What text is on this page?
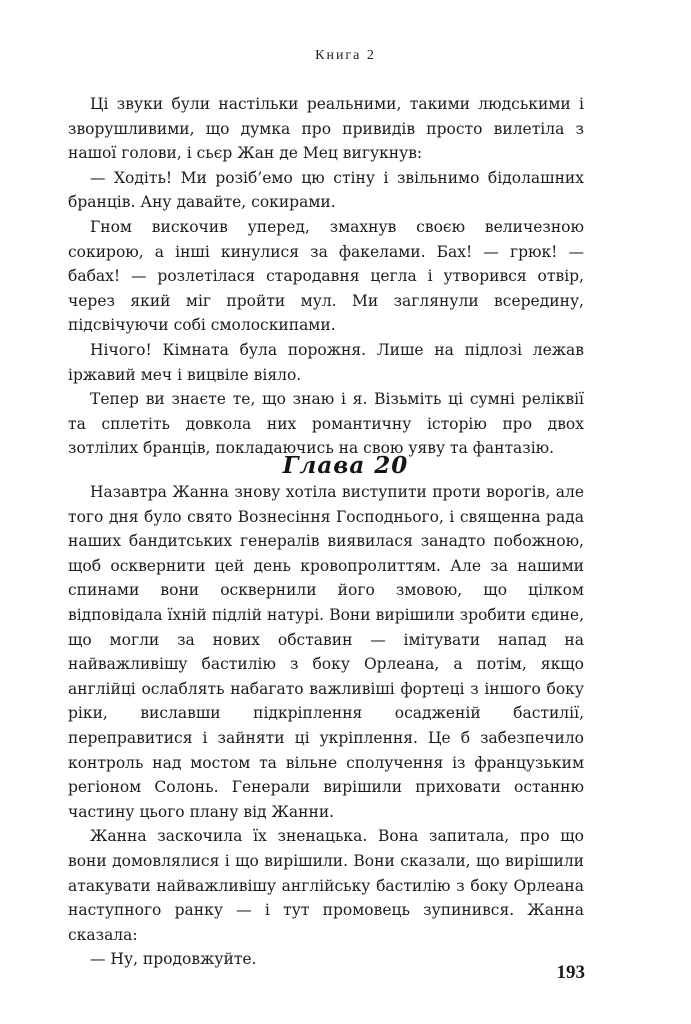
Книга 2

Ці звуки були настільки реальними, такими людськими і зворушливими, що думка про привидів просто вилетіла з нашої голови, і сьєр Жан де Мец вигукнув:

— Ходіть! Ми розіб’емо цю стіну і звільнимо бідолашних бранців. Ану давайте, сокирами.

Гном вискочив уперед, змахнув своєю величезною сокирою, а інші кинулися за факелами. Бах! — грюк! — бабах! — розлетілася стародавня цегла і утворився отвір, через який міг пройти мул. Ми заглянули всередину, підсвічуючи собі смолоскипами.

Нічого! Кімната була порожня. Лише на підлозі лежав іржавий меч і вицвіле віяло.

Тепер ви знаєте те, що знаю і я. Візьміть ці сумні реліквії та сплетіть довкола них романтичну історію про двох зотлілих бранців, покладаючись на свою уяву та фантазію.

Глава 20

Назавтра Жанна знову хотіла виступити проти ворогів, але того дня було свято Вознесіння Господнього, і священна рада наших бандитських генералів виявилася занадто побожною, щоб осквернити цей день кровопролиттям. Але за нашими спинами вони осквернили його змовою, що цілком відповідала їхній підлій натурі. Вони вирішили зробити єдине, що могли за нових обставин — імітувати напад на найважливішу бастилію з боку Орлеана, а потім, якщо англійці ослаблять набагато важливіші фортеці з іншого боку ріки, виславши підкріплення осадженій бастилії, переправитися і зайняти ці укріплення. Це б забезпечило контроль над мостом та вільне сполучення із французьким регіоном Солонь. Генерали вирішили приховати останню частину цього плану від Жанни.

Жанна заскочила їх зненацька. Вона запитала, про що вони домовлялися і що вирішили. Вони сказали, що вирішили атакувати найважливішу англійську бастилію з боку Орлеана наступного ранку — і тут промовець зупинився. Жанна сказала:

— Ну, продовжуйте.

193
